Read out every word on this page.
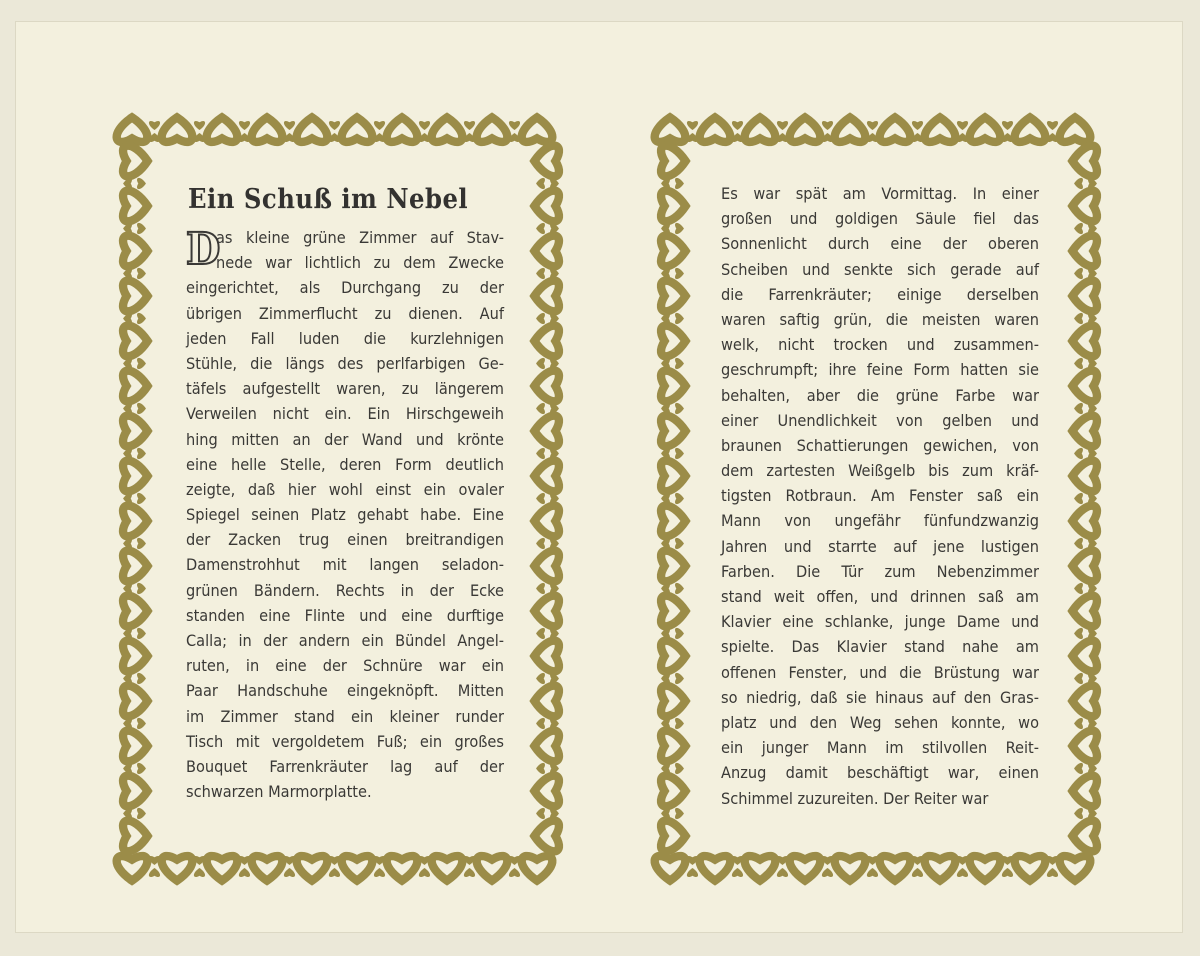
Ein Schuß im Nebel
D
as kleine grüne Zimmer auf Stav-
nede war lichtlich zu dem Zwecke
eingerichtet, als Durchgang zu der
übrigen Zimmerflucht zu dienen. Auf
jeden Fall luden die kurzlehnigen
Stühle, die längs des perlfarbigen Ge-
täfels aufgestellt waren, zu längerem
Verweilen nicht ein. Ein Hirschgeweih
hing mitten an der Wand und krönte
eine helle Stelle, deren Form deutlich
zeigte, daß hier wohl einst ein ovaler
Spiegel seinen Platz gehabt habe. Eine
der Zacken trug einen breitrandigen
Damenstrohhut mit langen seladon-
grünen Bändern. Rechts in der Ecke
standen eine Flinte und eine durftige
Calla; in der andern ein Bündel Angel-
ruten, in eine der Schnüre war ein
Paar Handschuhe eingeknöpft. Mitten
im Zimmer stand ein kleiner runder
Tisch mit vergoldetem Fuß; ein großes
Bouquet Farrenkräuter lag auf der
schwarzen Marmorplatte.
Es war spät am Vormittag. In einer
großen und goldigen Säule fiel das
Sonnenlicht durch eine der oberen
Scheiben und senkte sich gerade auf
die Farrenkräuter; einige derselben
waren saftig grün, die meisten waren
welk, nicht trocken und zusammen-
geschrumpft; ihre feine Form hatten sie
behalten, aber die grüne Farbe war
einer Unendlichkeit von gelben und
braunen Schattierungen gewichen, von
dem zartesten Weißgelb bis zum kräf-
tigsten Rotbraun. Am Fenster saß ein
Mann von ungefähr fünfundzwanzig
Jahren und starrte auf jene lustigen
Farben. Die Tür zum Nebenzimmer
stand weit offen, und drinnen saß am
Klavier eine schlanke, junge Dame und
spielte. Das Klavier stand nahe am
offenen Fenster, und die Brüstung war
so niedrig, daß sie hinaus auf den Gras-
platz und den Weg sehen konnte, wo
ein junger Mann im stilvollen Reit-
Anzug damit beschäftigt war, einen
Schimmel zuzureiten. Der Reiter war
